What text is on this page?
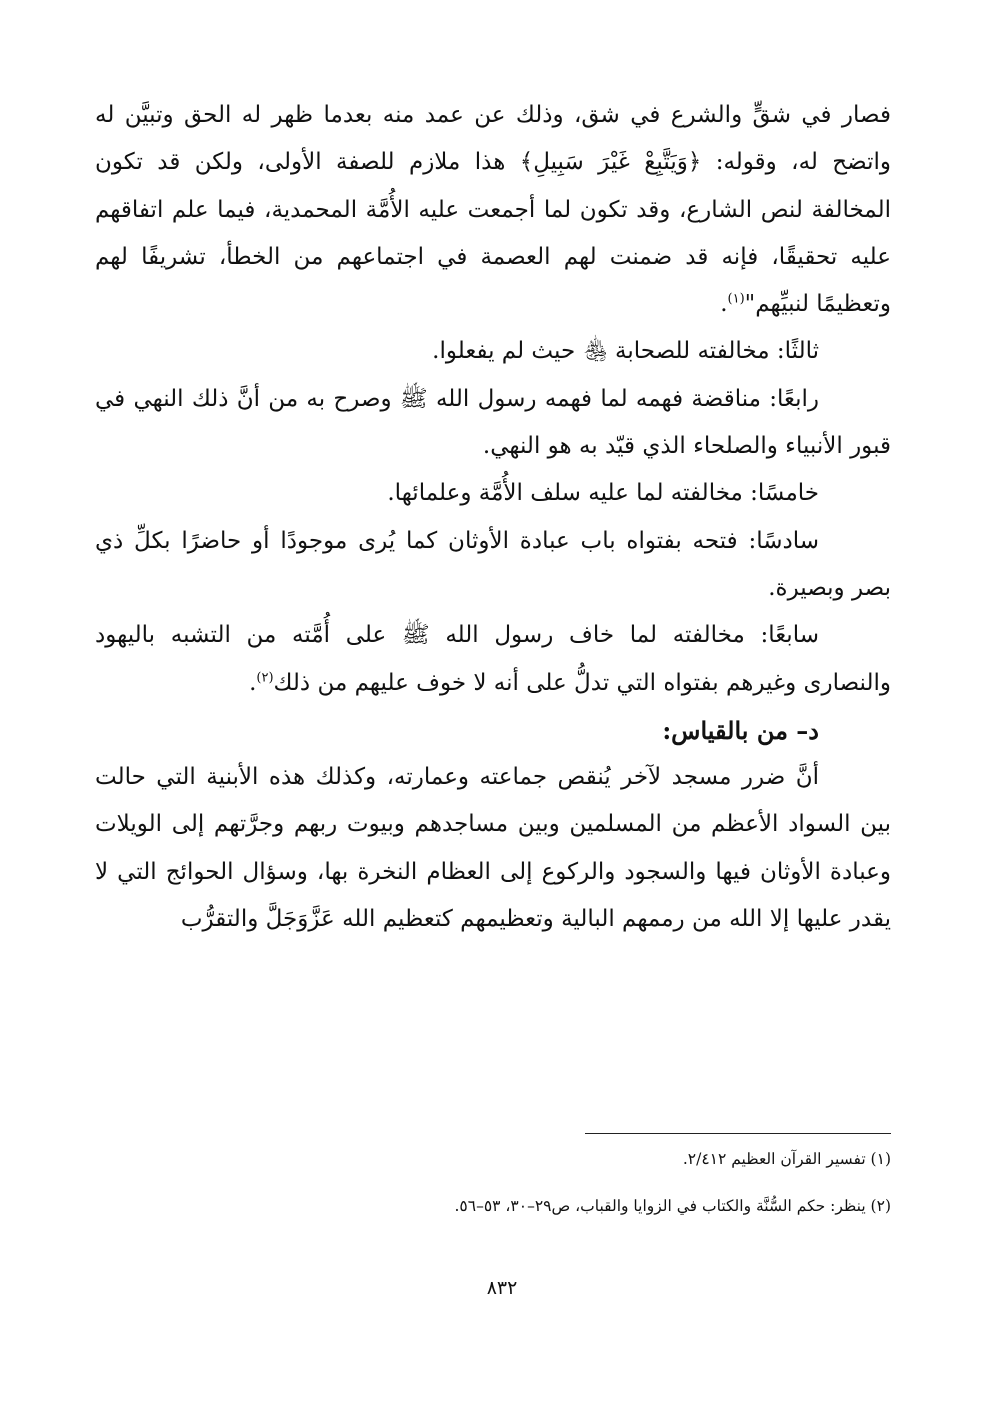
فصار في شقٍّ والشرع في شق، وذلك عن عمد منه بعدما ظهر له الحق وتبيَّن له واتضح له، وقوله: ﴿وَيَتَّبِعْ غَيْرَ سَبِيلِ﴾ هذا ملازم للصفة الأولى، ولكن قد تكون المخالفة لنص الشارع، وقد تكون لما أجمعت عليه الأُمَّة المحمدية، فيما علم اتفاقهم عليه تحقيقًا، فإنه قد ضمنت لهم العصمة في اجتماعهم من الخطأ، تشريفًا لهم وتعظيمًا لنبيِّهم"$^{(١)}$.

ثالثًا: مخالفته للصحابة ﵃ حيث لم يفعلوا.

رابعًا: مناقضة فهمه لما فهمه رسول الله ﷺ وصرح به من أنَّ ذلك النهي في قبور الأنبياء والصلحاء الذي قيّد به هو النهي.

خامسًا: مخالفته لما عليه سلف الأُمَّة وعلمائها.

سادسًا: فتحه بفتواه باب عبادة الأوثان كما يُرى موجودًا أو حاضرًا بكلِّ ذي بصر وبصيرة.

سابعًا: مخالفته لما خاف رسول الله ﷺ على أُمَّته من التشبه باليهود والنصارى وغيرهم بفتواه التي تدلُّ على أنه لا خوف عليهم من ذلك$^{(٢)}$.

د– من بالقياس:

أنَّ ضرر مسجد لآخر يُنقص جماعته وعمارته، وكذلك هذه الأبنية التي حالت بين السواد الأعظم من المسلمين وبين مساجدهم وبيوت ربهم وجرَّتهم إلى الويلات وعبادة الأوثان فيها والسجود والركوع إلى العظام النخرة بها، وسؤال الحوائج التي لا يقدر عليها إلا الله من رممهم البالية وتعظيمهم كتعظيم الله عَزَّوَجَلَّ والتقرُّب

(١) تفسير القرآن العظيم ٢/٤١٢.

(٢) ينظر: حكم السُّنَّة والكتاب في الزوايا والقباب، ص٢٩–٣٠، ٥٣–٥٦.

٨٣٢
